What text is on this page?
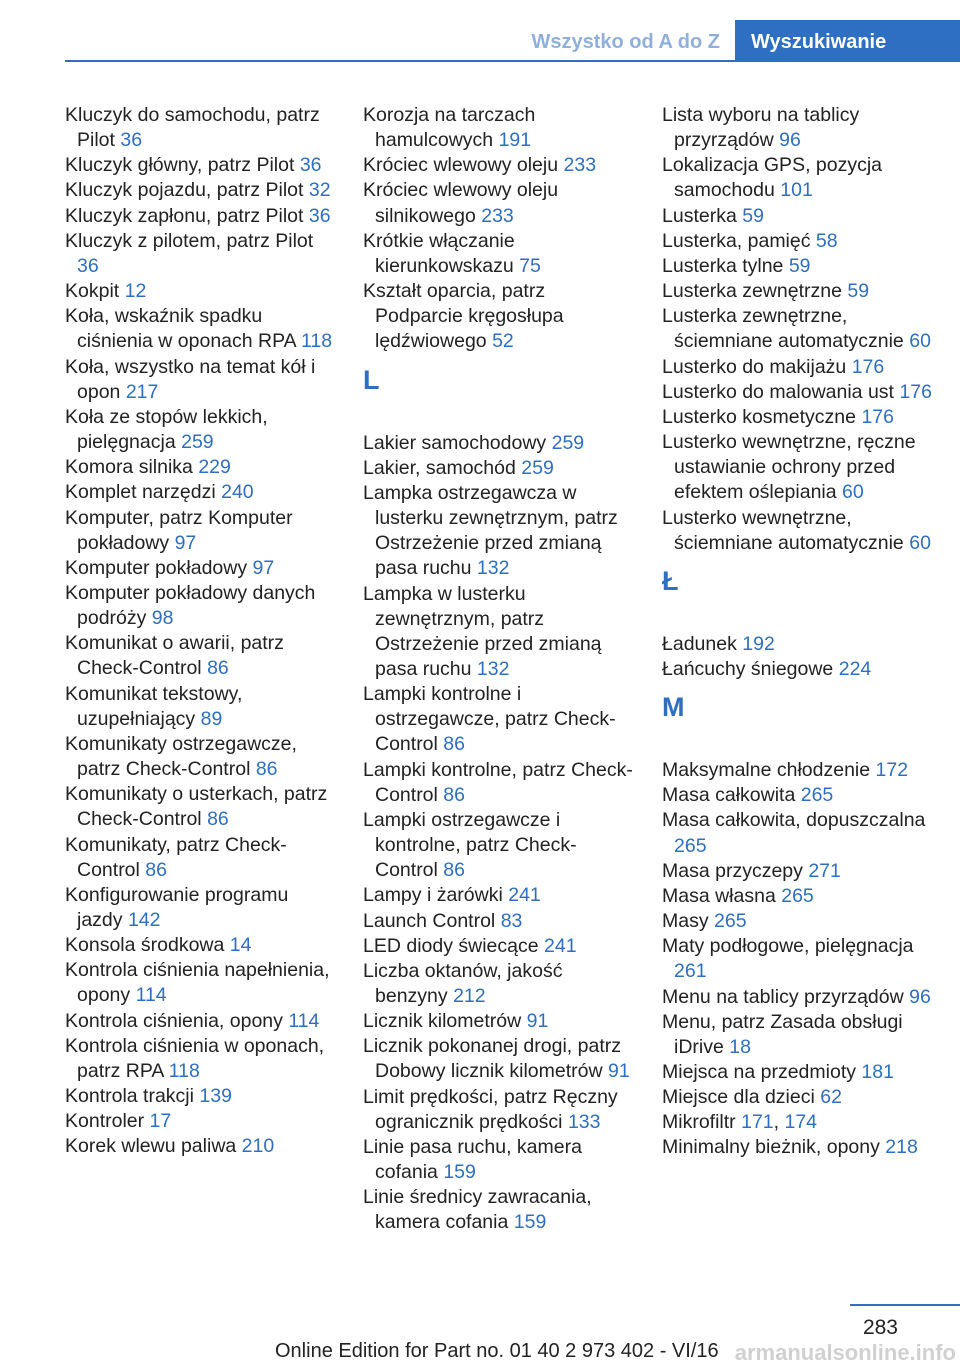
Wszystko od A do Z	Wyszukiwanie
Kluczyk do samochodu, patrz Pilot 36
Kluczyk główny, patrz Pilot 36
Kluczyk pojazdu, patrz Pilot 32
Kluczyk zapłonu, patrz Pilot 36
Kluczyk z pilotem, patrz Pilot 36
Kokpit 12
Koła, wskaźnik spadku ciśnienia w oponach RPA 118
Koła, wszystko na temat kół i opon 217
Koła ze stopów lekkich, pielęgnacja 259
Komora silnika 229
Komplet narzędzi 240
Komputer, patrz Komputer pokładowy 97
Komputer pokładowy 97
Komputer pokładowy danych podróży 98
Komunikat o awarii, patrz Check-Control 86
Komunikat tekstowy, uzupełniający 89
Komunikaty ostrzegawcze, patrz Check-Control 86
Komunikaty o usterkach, patrz Check-Control 86
Komunikaty, patrz Check-Control 86
Konfigurowanie programu jazdy 142
Konsola środkowa 14
Kontrola ciśnienia napełnienia, opony 114
Kontrola ciśnienia, opony 114
Kontrola ciśnienia w oponach, patrz RPA 118
Kontrola trakcji 139
Kontroler 17
Korek wlewu paliwa 210
Korozja na tarczach hamulcowych 191
Króciec wlewowy oleju 233
Króciec wlewowy oleju silnikowego 233
Krótkie włączanie kierunkowskazu 75
Kształt oparcia, patrz Podparcie kręgosłupa lędźwiowego 52
L
Lakier samochodowy 259
Lakier, samochód 259
Lampka ostrzegawcza w lusterku zewnętrznym, patrz Ostrzeżenie przed zmianą pasa ruchu 132
Lampka w lusterku zewnętrznym, patrz Ostrzeżenie przed zmianą pasa ruchu 132
Lampki kontrolne i ostrzegawcze, patrz Check-Control 86
Lampki kontrolne, patrz Check-Control 86
Lampki ostrzegawcze i kontrolne, patrz Check-Control 86
Lampy i żarówki 241
Launch Control 83
LED diody świecące 241
Liczba oktanów, jakość benzyny 212
Licznik kilometrów 91
Licznik pokonanej drogi, patrz Dobowy licznik kilometrów 91
Limit prędkości, patrz Ręczny ogranicznik prędkości 133
Linie pasa ruchu, kamera cofania 159
Linie średnicy zawracania, kamera cofania 159
Lista wyboru na tablicy przyrządów 96
Lokalizacja GPS, pozycja samochodu 101
Lusterka 59
Lusterka, pamięć 58
Lusterka tylne 59
Lusterka zewnętrzne 59
Lusterka zewnętrzne, ściemniane automatycznie 60
Lusterko do makijażu 176
Lusterko do malowania ust 176
Lusterko kosmetyczne 176
Lusterko wewnętrzne, ręczne ustawianie ochrony przed efektem oślepiania 60
Lusterko wewnętrzne, ściemniane automatycznie 60
Ł
Ładunek 192
Łańcuchy śniegowe 224
M
Maksymalne chłodzenie 172
Masa całkowita 265
Masa całkowita, dopuszczalna 265
Masa przyczepy 271
Masa własna 265
Masy 265
Maty podłogowe, pielęgnacja 261
Menu na tablicy przyrządów 96
Menu, patrz Zasada obsługi iDrive 18
Miejsca na przedmioty 181
Miejsce dla dzieci 62
Mikrofiltr 171, 174
Minimalny bieżnik, opony 218
283
Online Edition for Part no. 01 40 2 973 402 - VI/16 armanualsonline.info
